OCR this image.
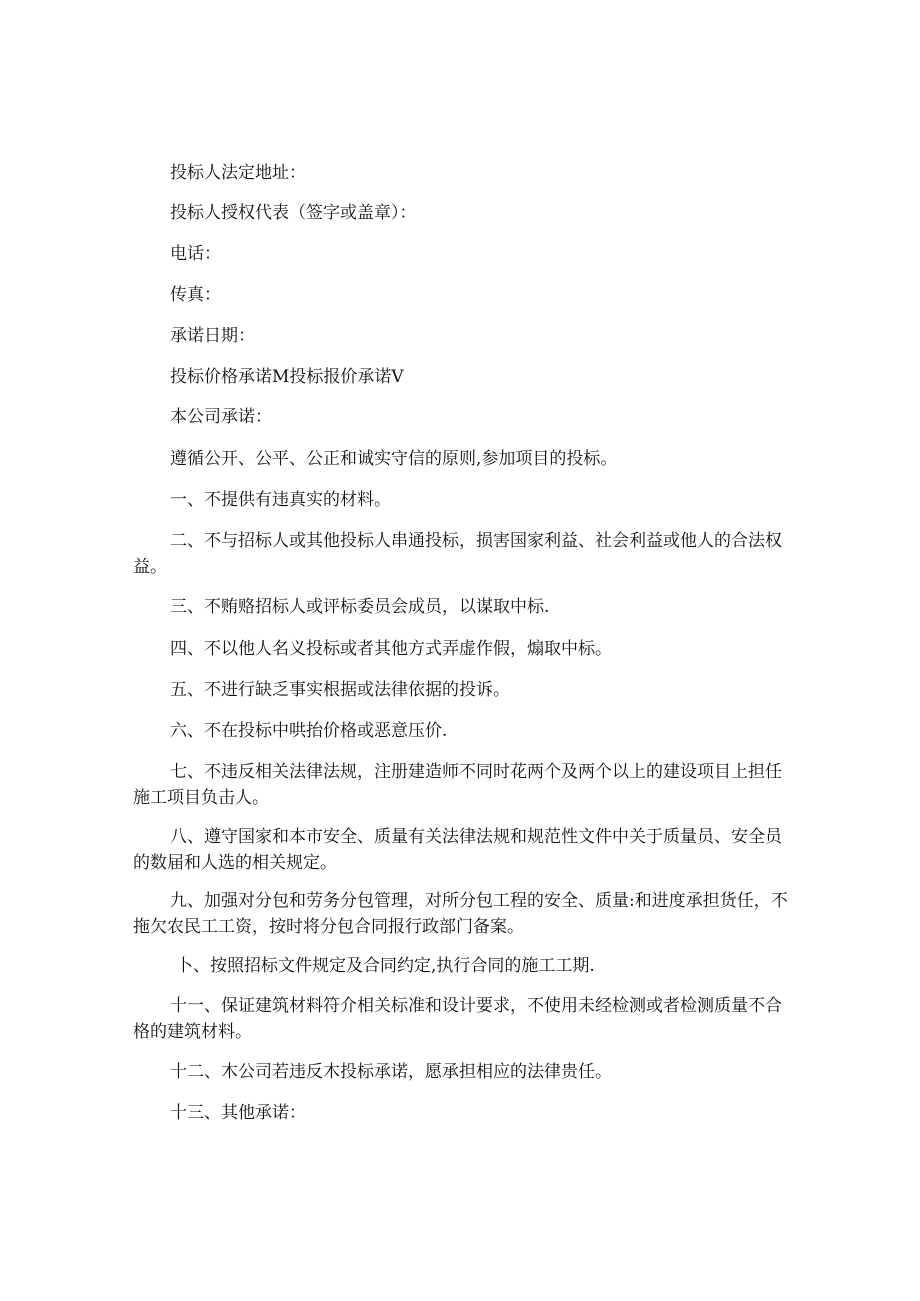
投标人法定地址：
投标人授权代表（签字或盖章）：
电话：
传真：
承诺日期：
投标价格承诺M投标报价承诺V
本公司承诺：
遵循公开、公平、公正和诚实守信的原则,参加项目的投标。
一、不提供有违真实的材料。
二、不与招标人或其他投标人串通投标，损害国家利益、社会利益或他人的合法权
益。
三、不贿赂招标人或评标委员会成员，以谋取中标.
四、不以他人名义投标或者其他方式弄虚作假，煽取中标。
五、不进行缺乏事实根据或法律依据的投诉。
六、不在投标中哄抬价格或恶意压价.
七、不违反相关法律法规，注册建造师不同时花两个及两个以上的建设项目上担任
施工项目负击人。
八、遵守国家和本市安全、质量有关法律法规和规范性文件中关于质量员、安全员
的数届和人选的相关规定。
九、加强对分包和劳务分包管理，对所分包工程的安全、质量:和进度承担货任，不
拖欠农民工工资，按时将分包合同报行政部门备案。
卜、按照招标文件规定及合同约定,执行合同的施工工期.
十一、保证建筑材料符介相关标准和设计要求，不使用未经检测或者检测质量不合
格的建筑材料。
十二、木公司若违反木投标承诺，愿承担相应的法律贵任。
十三、其他承诺：
